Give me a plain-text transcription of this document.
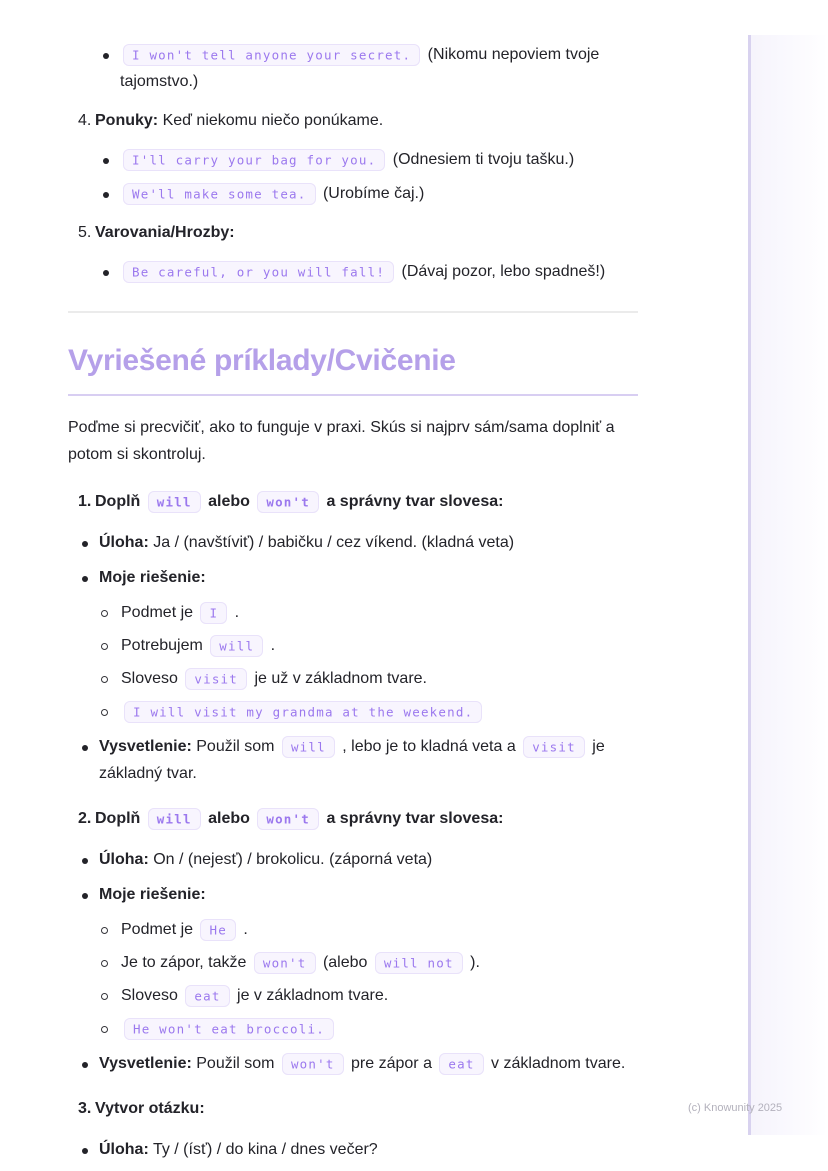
I won't tell anyone your secret. (Nikomu nepoviem tvoje tajomstvo.)
4. Ponuky: Keď niekomu niečo ponúkame.
I'll carry your bag for you. (Odnesiem ti tvoju tašku.)
We'll make some tea. (Urobíme čaj.)
5. Varovania/Hrozby:
Be careful, or you will fall! (Dávaj pozor, lebo spadneš!)
Vyriešené príklady/Cvičenie

Poďme si precvičiť, ako to funguje v praxi. Skús si najprv sám/sama doplniť a potom si skontroluj.

1. Doplň will alebo won't a správny tvar slovesa:
Úloha: Ja / (navštíviť) / babičku / cez víkend. (kladná veta)
Moje riešenie:
Podmet je I .
Potrebujem will .
Sloveso visit je už v základnom tvare.
I will visit my grandma at the weekend.
Vysvetlenie: Použil som will , lebo je to kladná veta a visit je základný tvar.
2. Doplň will alebo won't a správny tvar slovesa:
Úloha: On / (nejesť) / brokolicu. (záporná veta)
Moje riešenie:
Podmet je He .
Je to zápor, takže won't (alebo will not ).
Sloveso eat je v základnom tvare.
He won't eat broccoli.
Vysvetlenie: Použil som won't pre zápor a eat v základnom tvare.
3. Vytvor otázku:
Úloha: Ty / (ísť) / do kina / dnes večer?
(c) Knowunity 2025
